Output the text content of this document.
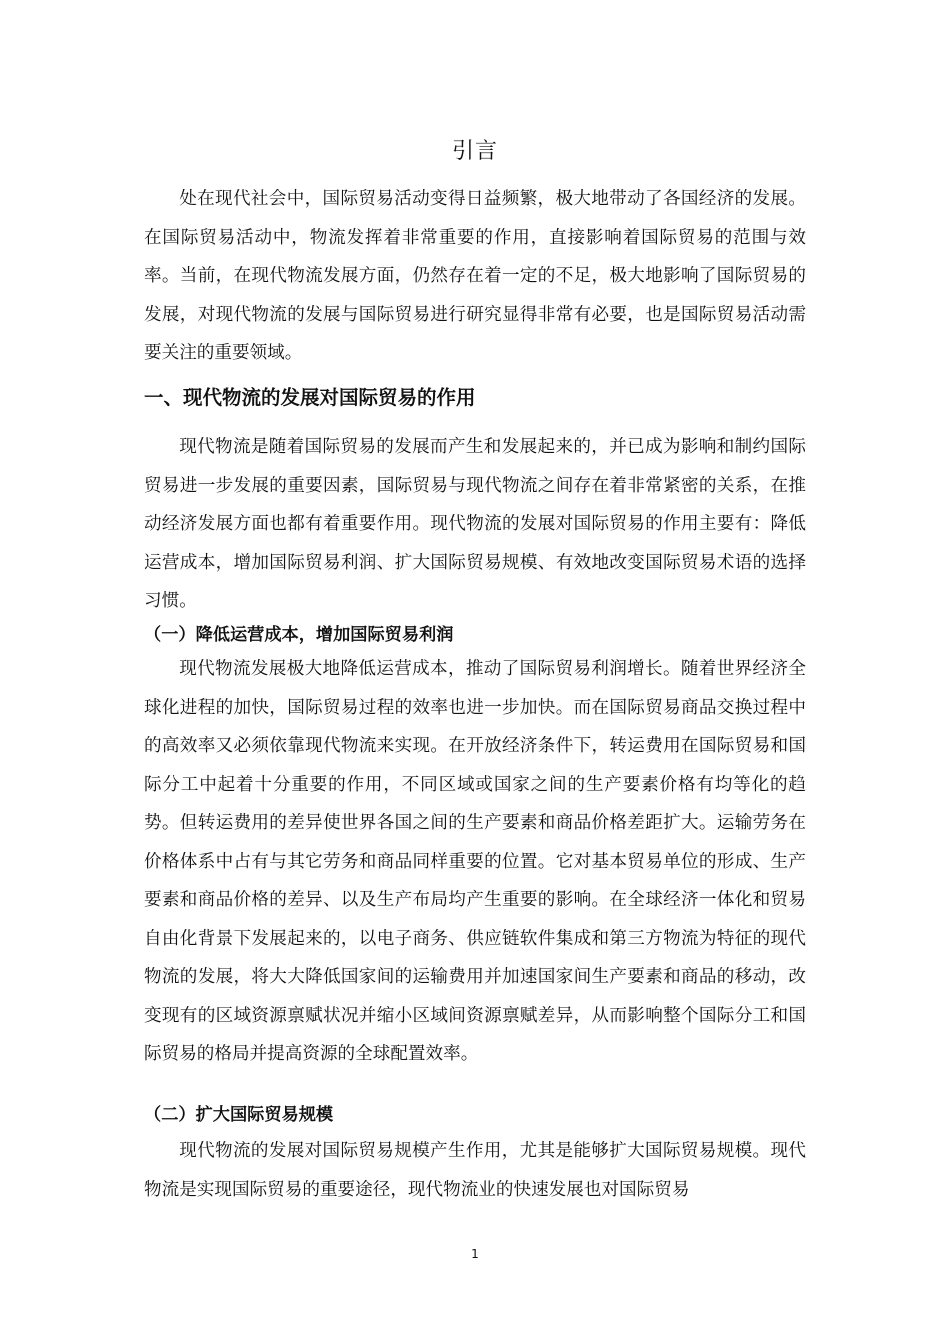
引言

处在现代社会中，国际贸易活动变得日益频繁，极大地带动了各国经济的发展。在国际贸易活动中，物流发挥着非常重要的作用，直接影响着国际贸易的范围与效率。当前，在现代物流发展方面，仍然存在着一定的不足，极大地影响了国际贸易的发展，对现代物流的发展与国际贸易进行研究显得非常有必要，也是国际贸易活动需要关注的重要领域。

一、现代物流的发展对国际贸易的作用

现代物流是随着国际贸易的发展而产生和发展起来的，并已成为影响和制约国际贸易进一步发展的重要因素，国际贸易与现代物流之间存在着非常紧密的关系，在推动经济发展方面也都有着重要作用。现代物流的发展对国际贸易的作用主要有：降低运营成本，增加国际贸易利润、扩大国际贸易规模、有效地改变国际贸易术语的选择习惯。

（一）降低运营成本，增加国际贸易利润

现代物流发展极大地降低运营成本，推动了国际贸易利润增长。随着世界经济全球化进程的加快，国际贸易过程的效率也进一步加快。而在国际贸易商品交换过程中的高效率又必须依靠现代物流来实现。在开放经济条件下，转运费用在国际贸易和国际分工中起着十分重要的作用，不同区域或国家之间的生产要素价格有均等化的趋势。但转运费用的差异使世界各国之间的生产要素和商品价格差距扩大。运输劳务在价格体系中占有与其它劳务和商品同样重要的位置。它对基本贸易单位的形成、生产要素和商品价格的差异、以及生产布局均产生重要的影响。在全球经济一体化和贸易自由化背景下发展起来的，以电子商务、供应链软件集成和第三方物流为特征的现代物流的发展，将大大降低国家间的运输费用并加速国家间生产要素和商品的移动，改变现有的区域资源禀赋状况并缩小区域间资源禀赋差异，从而影响整个国际分工和国际贸易的格局并提高资源的全球配置效率。

（二）扩大国际贸易规模

现代物流的发展对国际贸易规模产生作用，尤其是能够扩大国际贸易规模。现代物流是实现国际贸易的重要途径，现代物流业的快速发展也对国际贸易

1
